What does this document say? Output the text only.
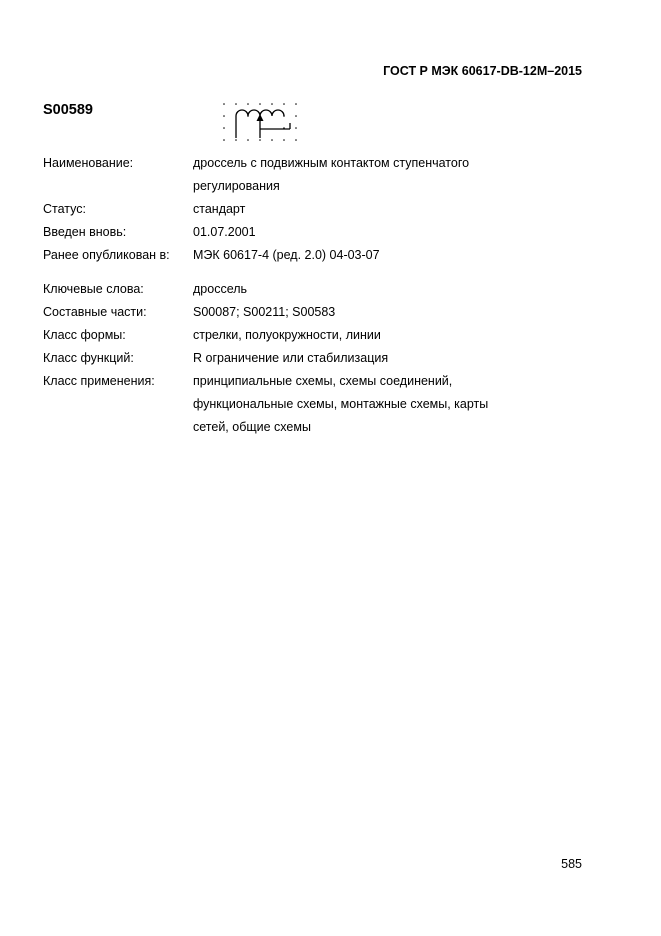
ГОСТ Р МЭК 60617-DB-12M–2015
S00589
Наименование:	дроссель с подвижным контактом ступенчатого регулирования
Статус:	стандарт
Введен вновь:	01.07.2001
Ранее опубликован в:	МЭК 60617-4 (ред. 2.0) 04-03-07
Ключевые слова:	дроссель
Составные части:	S00087; S00211; S00583
Класс формы:	стрелки, полуокружности, линии
Класс функций:	R ограничение или стабилизация
Класс применения:	принципиальные схемы, схемы соединений, функциональные схемы, монтажные схемы, карты сетей, общие схемы
585
